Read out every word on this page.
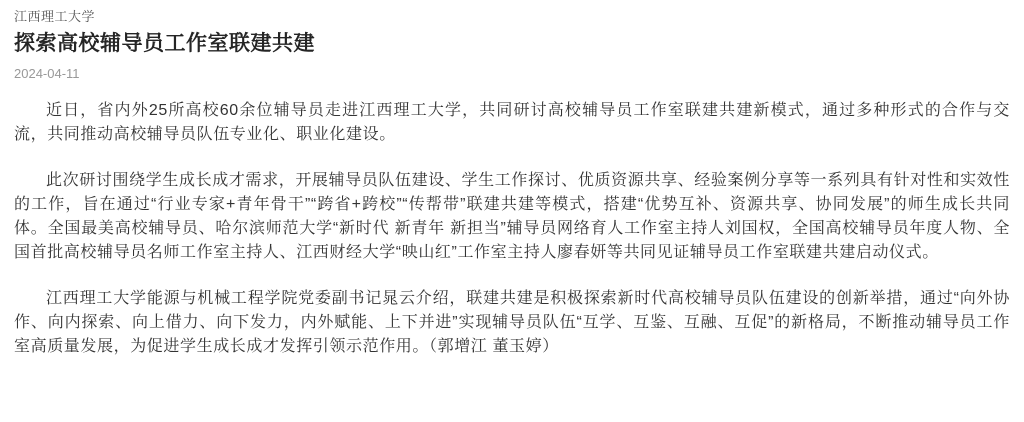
江西理工大学
探索高校辅导员工作室联建共建
2024-04-11

近日，省内外25所高校60余位辅导员走进江西理工大学，共同研讨高校辅导员工作室联建共建新模式，通过多种形式的合作与交流，共同推动高校辅导员队伍专业化、职业化建设。

此次研讨围绕学生成长成才需求，开展辅导员队伍建设、学生工作探讨、优质资源共享、经验案例分享等一系列具有针对性和实效性的工作，旨在通过“行业专家+青年骨干”“跨省+跨校”“传帮带”联建共建等模式，搭建“优势互补、资源共享、协同发展”的师生成长共同体。全国最美高校辅导员、哈尔滨师范大学“新时代 新青年 新担当”辅导员网络育人工作室主持人刘国权，全国高校辅导员年度人物、全国首批高校辅导员名师工作室主持人、江西财经大学“映山红”工作室主持人廖春妍等共同见证辅导员工作室联建共建启动仪式。

江西理工大学能源与机械工程学院党委副书记晁云介绍，联建共建是积极探索新时代高校辅导员队伍建设的创新举措，通过“向外协作、向内探索、向上借力、向下发力，内外赋能、上下并进”实现辅导员队伍“互学、互鉴、互融、互促”的新格局，不断推动辅导员工作室高质量发展，为促进学生成长成才发挥引领示范作用。（郭增江 董玉婷）
